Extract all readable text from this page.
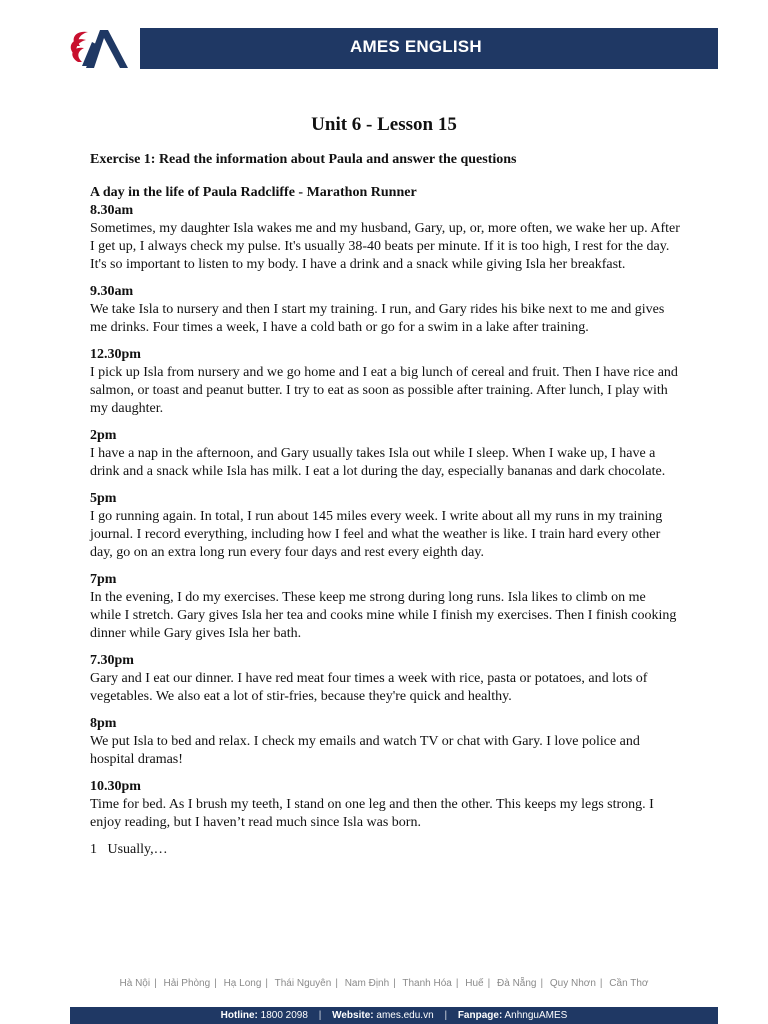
AMES ENGLISH
Unit 6 - Lesson 15
Exercise 1: Read the information about Paula and answer the questions
A day in the life of Paula Radcliffe - Marathon Runner
8.30am

Sometimes, my daughter Isla wakes me and my husband, Gary, up, or, more often, we wake her up. After I get up, I always check my pulse. It's usually 38-40 beats per minute. If it is too high, I rest for the day. It's so important to listen to my body. I have a drink and a snack while giving Isla her breakfast.

9.30am

We take Isla to nursery and then I start my training. I run, and Gary rides his bike next to me and gives me drinks. Four times a week, I have a cold bath or go for a swim in a lake after training.

12.30pm

I pick up Isla from nursery and we go home and I eat a big lunch of cereal and fruit. Then I have rice and salmon, or toast and peanut butter. I try to eat as soon as possible after training. After lunch, I play with my daughter.

2pm

I have a nap in the afternoon, and Gary usually takes Isla out while I sleep. When I wake up, I have a drink and a snack while Isla has milk. I eat a lot during the day, especially bananas and dark chocolate.

5pm

I go running again. In total, I run about 145 miles every week. I write about all my runs in my training journal. I record everything, including how I feel and what the weather is like. I train hard every other day, go on an extra long run every four days and rest every eighth day.

7pm

In the evening, I do my exercises. These keep me strong during long runs. Isla likes to climb on me while I stretch. Gary gives Isla her tea and cooks mine while I finish my exercises. Then I finish cooking dinner while Gary gives Isla her bath.

7.30pm

Gary and I eat our dinner. I have red meat four times a week with rice, pasta or potatoes, and lots of vegetables. We also eat a lot of stir-fries, because they're quick and healthy.

8pm

We put Isla to bed and relax. I check my emails and watch TV or chat with Gary. I love police and hospital dramas!

10.30pm

Time for bed. As I brush my teeth, I stand on one leg and then the other. This keeps my legs strong. I enjoy reading, but I haven’t read much since Isla was born.

1 Usually,…
Hà Nội | Hải Phòng | Hạ Long | Thái Nguyên | Nam Định | Thanh Hóa | Huế | Đà Nẵng | Quy Nhơn | Cần Thơ
Hotline: 1800 2098 | Website: ames.edu.vn | Fanpage: AnhnguAMES
